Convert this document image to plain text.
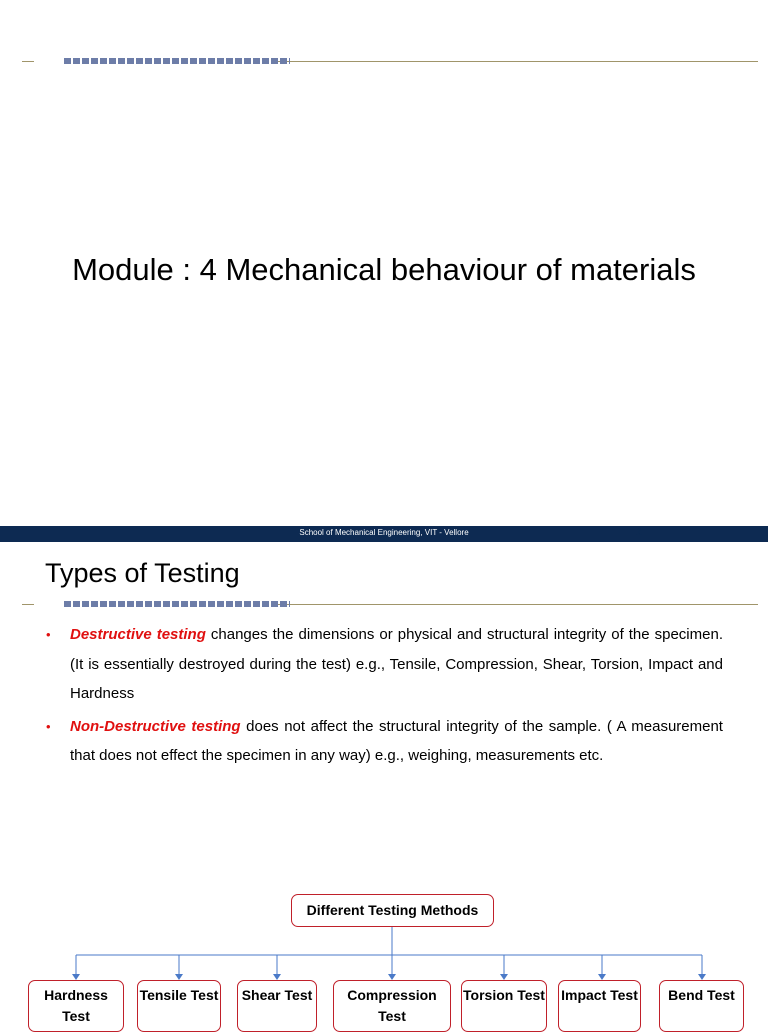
Module : 4 Mechanical behaviour of materials
School of Mechanical Engineering, VIT - Vellore	1
Types of Testing
• Destructive testing changes the dimensions or physical and structural integrity of the specimen. (It is essentially destroyed during the test) e.g., Tensile, Compression, Shear, Torsion, Impact and Hardness
• Non-Destructive testing does not affect the structural integrity of the sample. ( A measurement that does not effect the specimen in any way) e.g., weighing, measurements etc.
Different Testing Methods
Hardness Test
Tensile Test	Shear Test	Compression Test
Torsion Test Impact Test	Bend Test
